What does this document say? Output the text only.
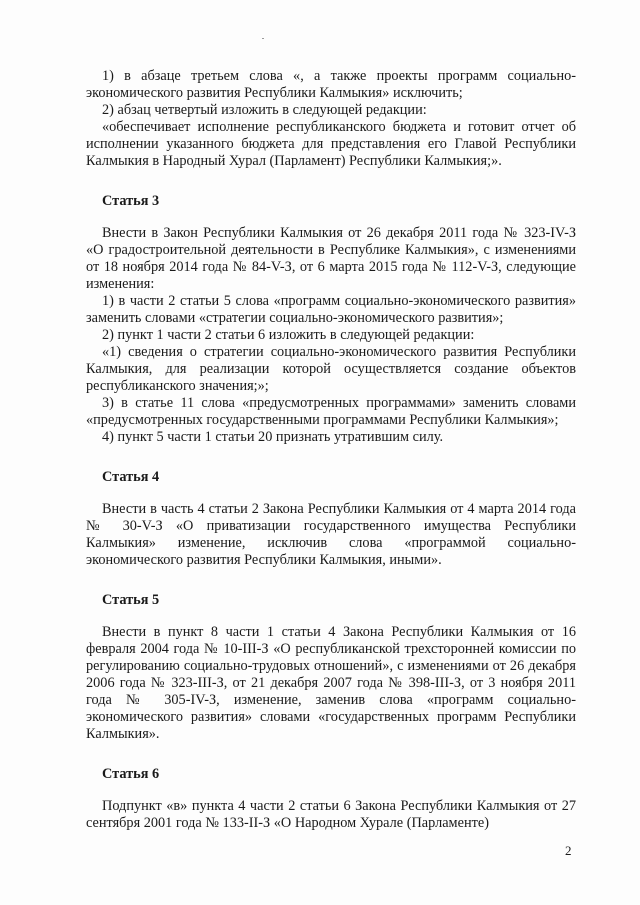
1) в абзаце третьем слова «, а также проекты программ социально-экономического развития Республики Калмыкия» исключить;

2) абзац четвертый изложить в следующей редакции:

«обеспечивает исполнение республиканского бюджета и готовит отчет об исполнении указанного бюджета для представления его Главой Республики Калмыкия в Народный Хурал (Парламент) Республики Калмыкия;».

Статья 3

Внести в Закон Республики Калмыкия от 26 декабря 2011 года № 323-IV-З «О градостроительной деятельности в Республике Калмыкия», с изменениями от 18 ноября 2014 года № 84-V-З, от 6 марта 2015 года № 112-V-З, следующие изменения:

1) в части 2 статьи 5 слова «программ социально-экономического развития» заменить словами «стратегии социально-экономического развития»;

2) пункт 1 части 2 статьи 6 изложить в следующей редакции:

«1) сведения о стратегии социально-экономического развития Республики Калмыкия, для реализации которой осуществляется создание объектов республиканского значения;»;

3) в статье 11 слова «предусмотренных программами» заменить словами «предусмотренных государственными программами Республики Калмыкия»;

4) пункт 5 части 1 статьи 20 признать утратившим силу.

Статья 4

Внести в часть 4 статьи 2 Закона Республики Калмыкия от 4 марта 2014 года № 30-V-З «О приватизации государственного имущества Республики Калмыкия» изменение, исключив слова «программой социально-экономического развития Республики Калмыкия, иными».

Статья 5

Внести в пункт 8 части 1 статьи 4 Закона Республики Калмыкия от 16 февраля 2004 года № 10-III-З «О республиканской трехсторонней комиссии по регулированию социально-трудовых отношений», с изменениями от 26 декабря 2006 года № 323-III-З, от 21 декабря 2007 года № 398-III-З, от 3 ноября 2011 года № 305-IV-З, изменение, заменив слова «программ социально-экономического развития» словами «государственных программ Республики Калмыкия».

Статья 6

Подпункт «в» пункта 4 части 2 статьи 6 Закона Республики Калмыкия от 27 сентября 2001 года № 133-II-З «О Народном Хурале (Парламенте)

2
